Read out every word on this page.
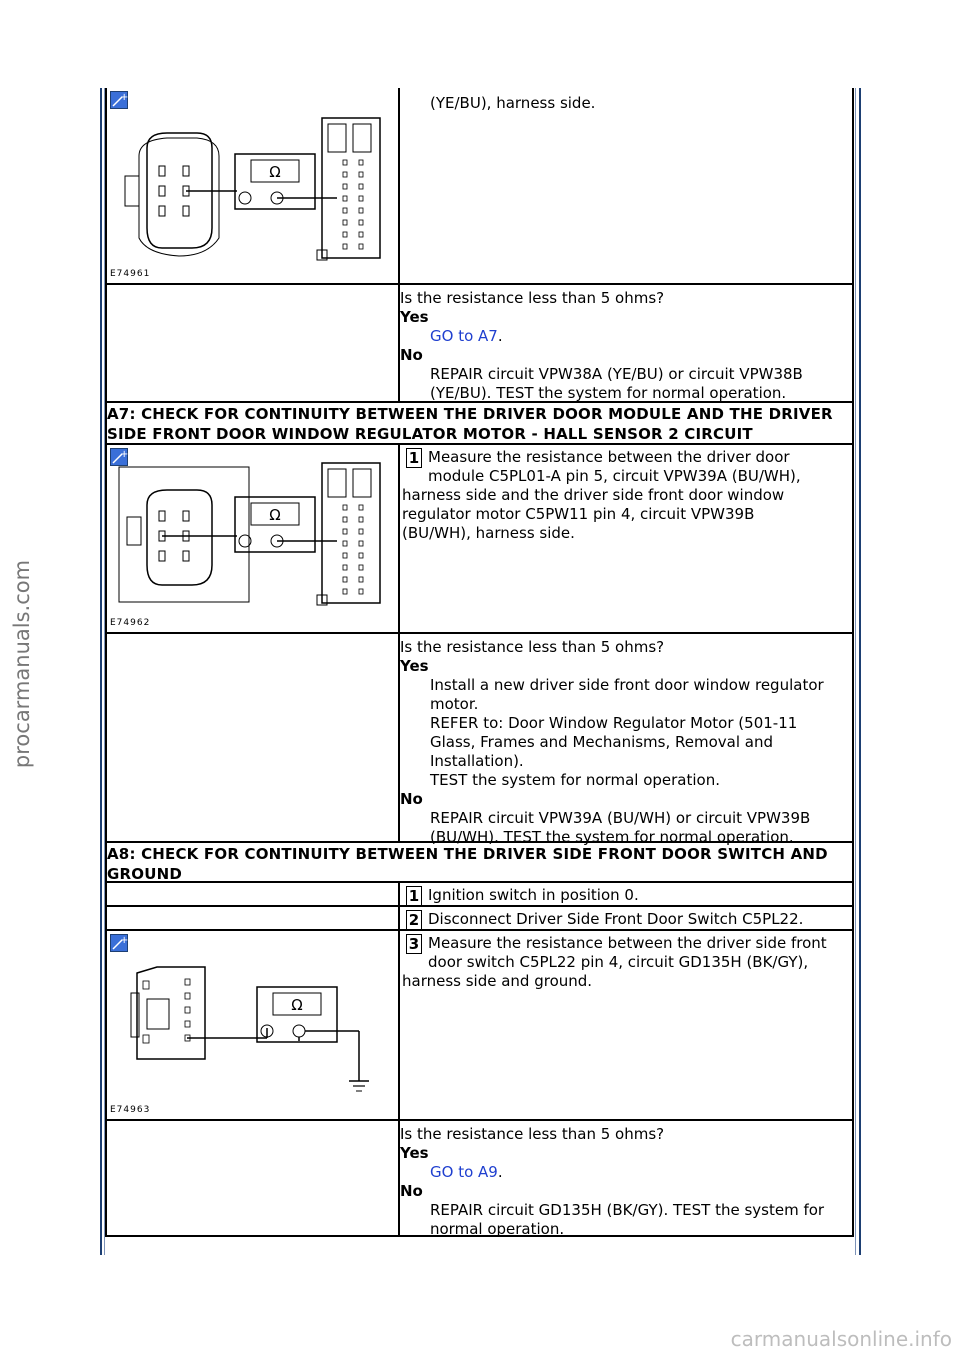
procarmanuals.com
carmanualsonline.info
+
Ω
E74961
(YE/BU), harness side.
Is the resistance less than 5 ohms?
Yes
GO to A7.
No
REPAIR circuit VPW38A (YE/BU) or circuit VPW38B
(YE/BU). TEST the system for normal operation.
A7: CHECK FOR CONTINUITY BETWEEN THE DRIVER DOOR MODULE AND THE DRIVER
SIDE FRONT DOOR WINDOW REGULATOR MOTOR - HALL SENSOR 2 CIRCUIT
+
Ω
E74962
1 Measure the resistance between the driver door
module C5PL01-A pin 5, circuit VPW39A (BU/WH),
harness side and the driver side front door window
regulator motor C5PW11 pin 4, circuit VPW39B
(BU/WH), harness side.
Is the resistance less than 5 ohms?
Yes
Install a new driver side front door window regulator
motor.
REFER to: Door Window Regulator Motor (501-11
Glass, Frames and Mechanisms, Removal and
Installation).
TEST the system for normal operation.
No
REPAIR circuit VPW39A (BU/WH) or circuit VPW39B
(BU/WH). TEST the system for normal operation.
A8: CHECK FOR CONTINUITY BETWEEN THE DRIVER SIDE FRONT DOOR SWITCH AND
GROUND
1 Ignition switch in position 0.
2 Disconnect Driver Side Front Door Switch C5PL22.
+
Ω
E74963
3 Measure the resistance between the driver side front
door switch C5PL22 pin 4, circuit GD135H (BK/GY),
harness side and ground.
Is the resistance less than 5 ohms?
Yes
GO to A9.
No
REPAIR circuit GD135H (BK/GY). TEST the system for
normal operation.
